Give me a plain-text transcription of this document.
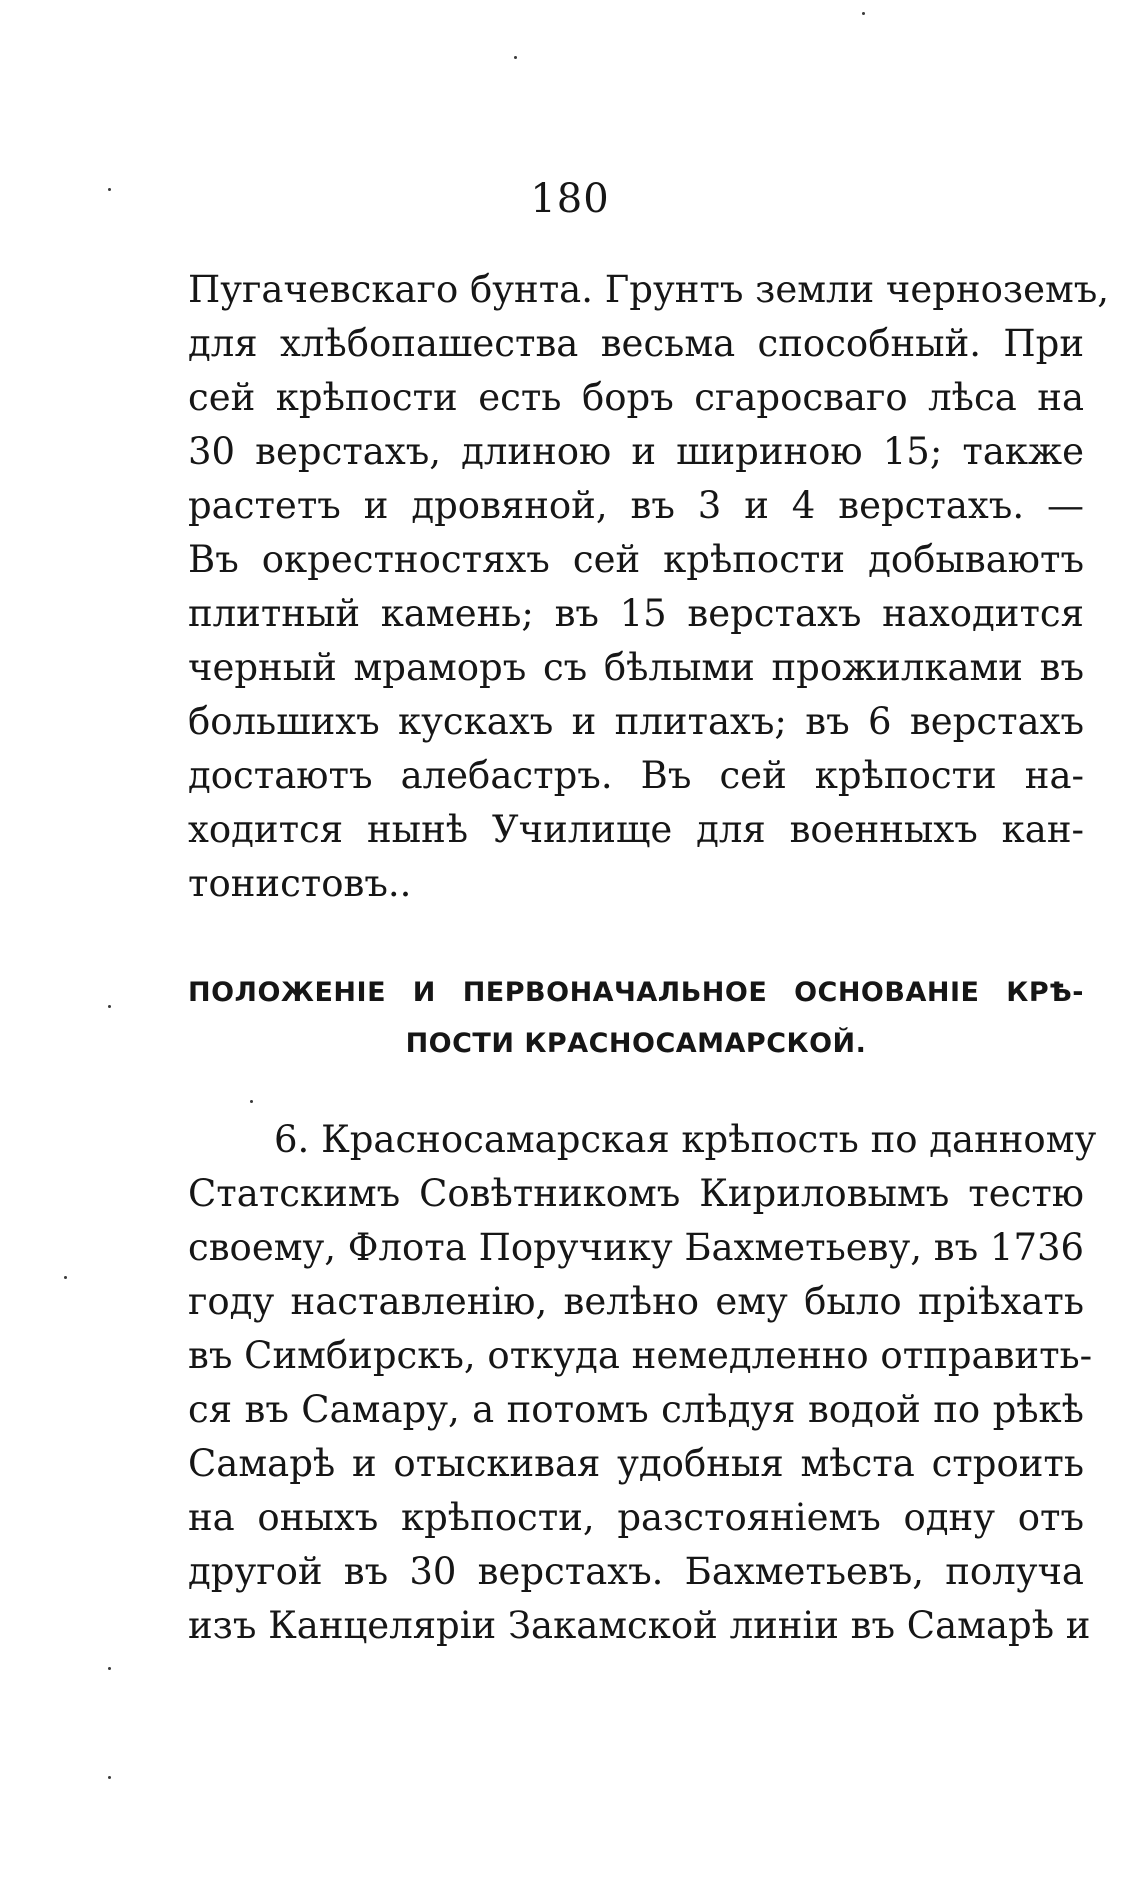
180
Пугачевскаго бунта. Грунтъ земли черноземъ,
для хлѣбопашества весьма способный. При
сей крѣпости есть боръ сгаросваго лѣса на
30 верстахъ, длиною и шириною 15; также
растетъ и дровяной, въ 3 и 4 верстахъ. —
Въ окрестностяхъ сей крѣпости добываютъ
плитный камень; въ 15 верстахъ находится
черный мраморъ съ бѣлыми прожилками въ
большихъ кускахъ и плитахъ; въ 6 верстахъ
достаютъ алебастръ. Въ сей крѣпости на-
ходится нынѣ Училище для военныхъ кан-
тонистовъ..
ПОЛОЖЕНІЕ И ПЕРВОНАЧАЛЬНОЕ ОСНОВАНІЕ КРѢ-
ПОСТИ КРАСНОСАМАРСКОЙ.
6. Красносамарская крѣпость по данному
Статскимъ Совѣтникомъ Кириловымъ тестю
своему, Флота Поручику Бахметьеву, въ 1736
году наставленію, велѣно ему было пріѣхать
въ Симбирскъ, откуда немедленно отправить-
ся въ Самару, а потомъ слѣдуя водой по рѣкѣ
Самарѣ и отыскивая удобныя мѣста строить
на оныхъ крѣпости, разстояніемъ одну отъ
другой въ 30 верстахъ. Бахметьевъ, получа
изъ Канцеляріи Закамской линіи въ Самарѣ и
